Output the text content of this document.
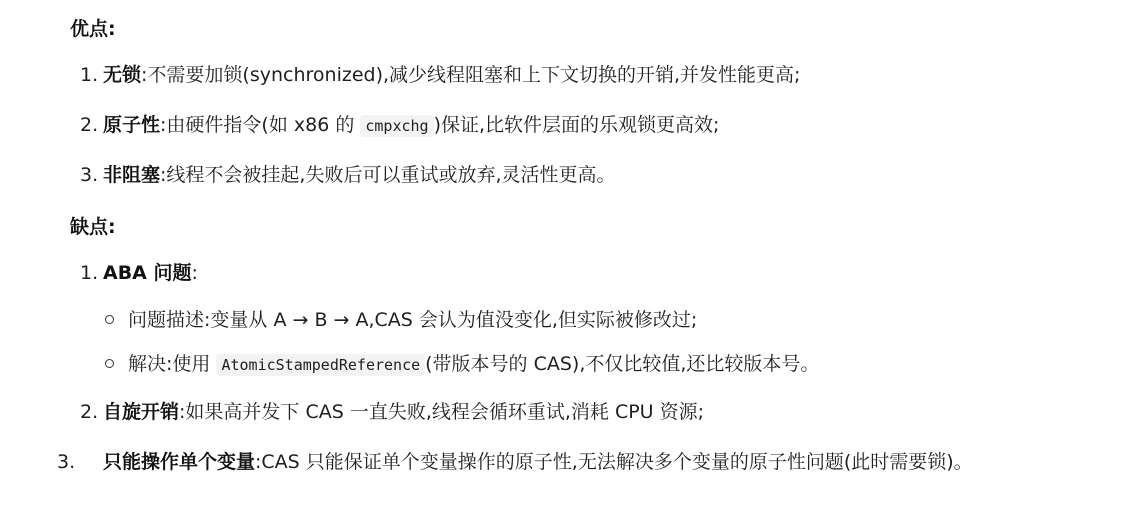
优点:
1. 无锁:不需要加锁(synchronized),减少线程阻塞和上下文切换的开销,并发性能更高;
2. 原子性:由硬件指令(如 x86 的 cmpxchg )保证,比软件层面的乐观锁更高效;
3. 非阻塞:线程不会被挂起,失败后可以重试或放弃,灵活性更高。
缺点:
1. ABA 问题:
问题描述:变量从 A → B → A,CAS 会认为值没变化,但实际被修改过;
解决:使用 AtomicStampedReference (带版本号的 CAS),不仅比较值,还比较版本号。
2. 自旋开销:如果高并发下 CAS 一直失败,线程会循环重试,消耗 CPU 资源;
3. 只能操作单个变量:CAS 只能保证单个变量操作的原子性,无法解决多个变量的原子性问题(此时需要锁)。
